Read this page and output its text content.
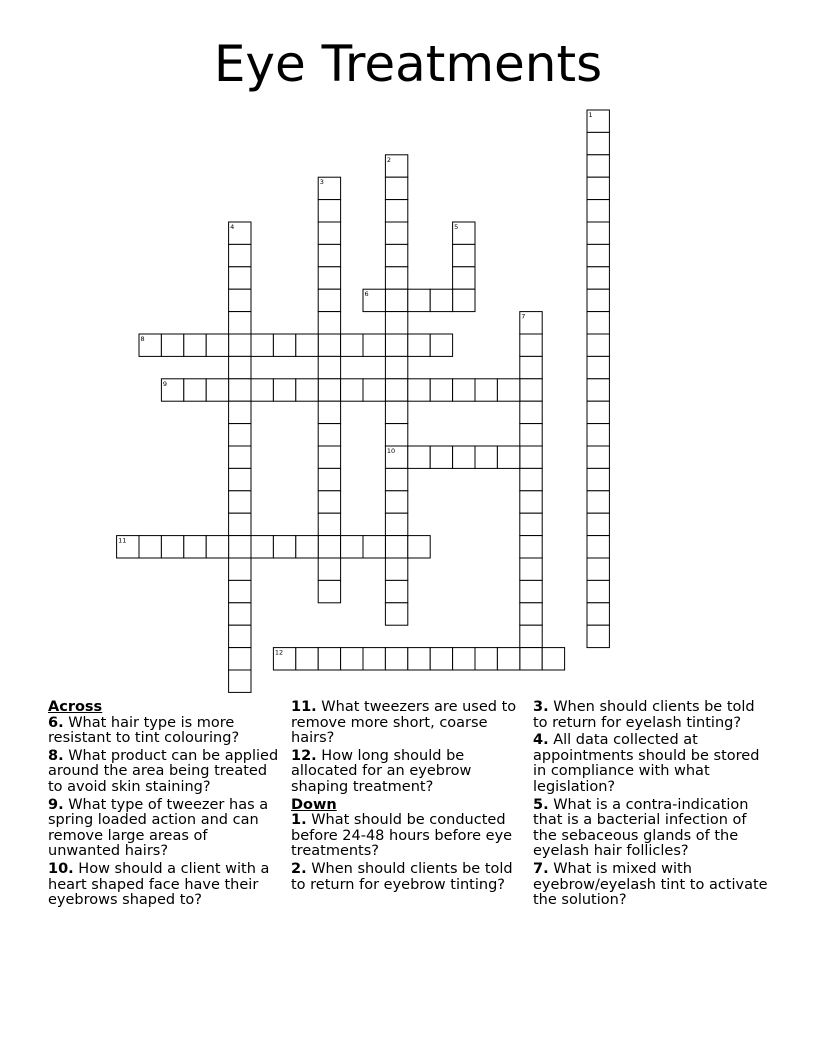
Eye Treatments
1
2
10
3
4	5
6
7
8
9
11
12
Across
6. What hair type is more resistant to tint colouring?
8. What product can be applied around the area being treated to avoid skin staining?
9. What type of tweezer has a spring loaded action and can remove large areas of unwanted hairs?
10. How should a client with a heart shaped face have their eyebrows shaped to?
11. What tweezers are used to remove more short, coarse hairs?
12. How long should be allocated for an eyebrow shaping treatment?
Down
1. What should be conducted before 24-48 hours before eye treatments?
2. When should clients be told to return for eyebrow tinting?
3. When should clients be told to return for eyelash tinting?
4. All data collected at appointments should be stored in compliance with what legislation?
5. What is a contra-indication that is a bacterial infection of the sebaceous glands of the eyelash hair follicles?
7. What is mixed with eyebrow/eyelash tint to activate the solution?
